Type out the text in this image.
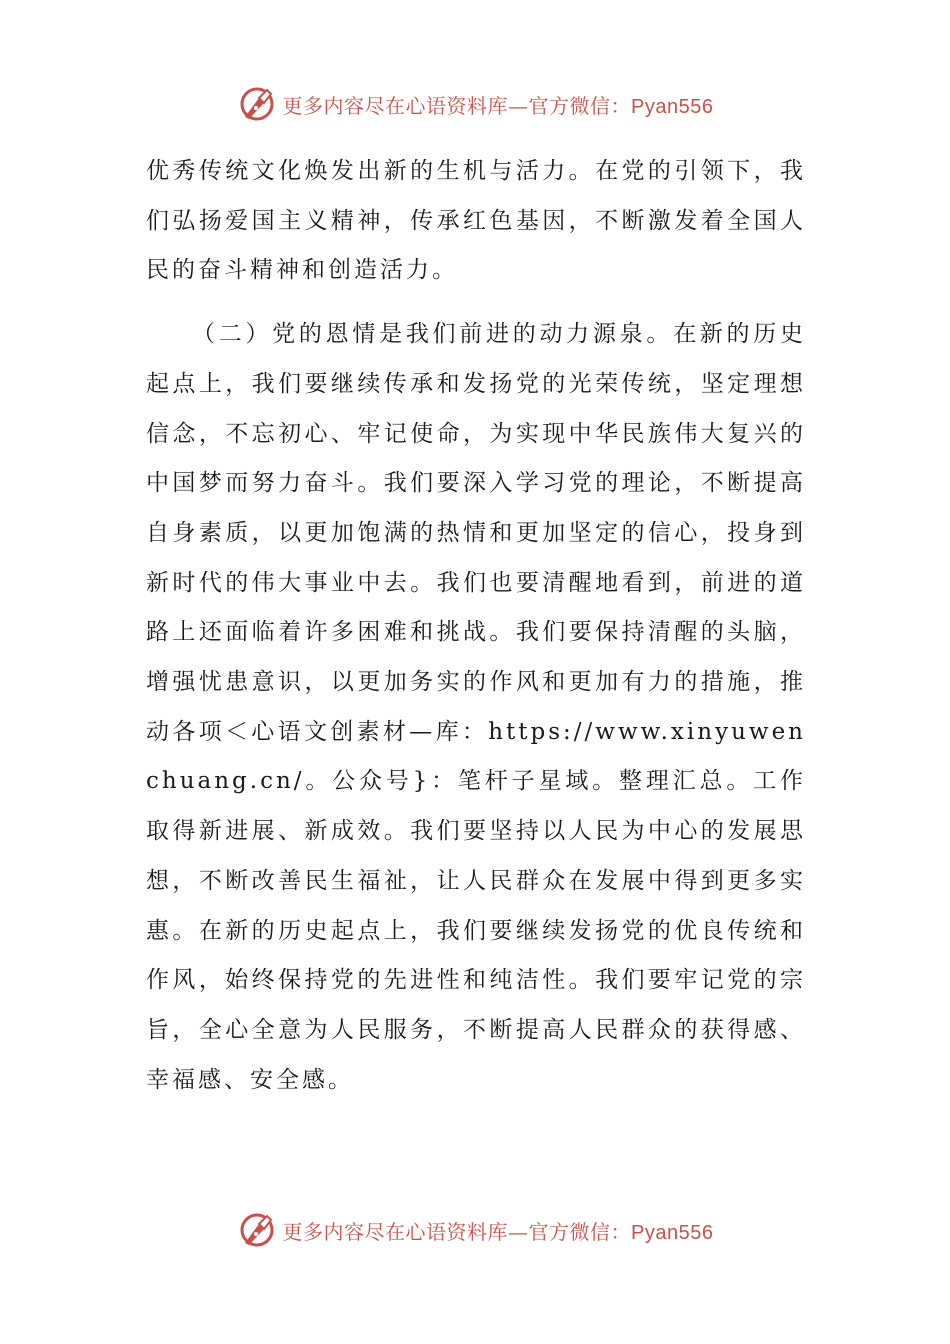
更多内容尽在心语资料库—官方微信：Pyan556

优秀传统文化焕发出新的生机与活力。在党的引领下，我们弘扬爱国主义精神，传承红色基因，不断激发着全国人民的奋斗精神和创造活力。

（二）党的恩情是我们前进的动力源泉。在新的历史起点上，我们要继续传承和发扬党的光荣传统，坚定理想信念，不忘初心、牢记使命，为实现中华民族伟大复兴的中国梦而努力奋斗。我们要深入学习党的理论，不断提高自身素质，以更加饱满的热情和更加坚定的信心，投身到新时代的伟大事业中去。我们也要清醒地看到，前进的道路上还面临着许多困难和挑战。我们要保持清醒的头脑，增强忧患意识，以更加务实的作风和更加有力的措施，推动各项＜心语文创素材—库：https://www.xinyuwenchuang.cn/。公众号}：笔杆子星域。整理汇总。工作取得新进展、新成效。我们要坚持以人民为中心的发展思想，不断改善民生福祉，让人民群众在发展中得到更多实惠。在新的历史起点上，我们要继续发扬党的优良传统和作风，始终保持党的先进性和纯洁性。我们要牢记党的宗旨，全心全意为人民服务，不断提高人民群众的获得感、幸福感、安全感。

更多内容尽在心语资料库—官方微信：Pyan556
